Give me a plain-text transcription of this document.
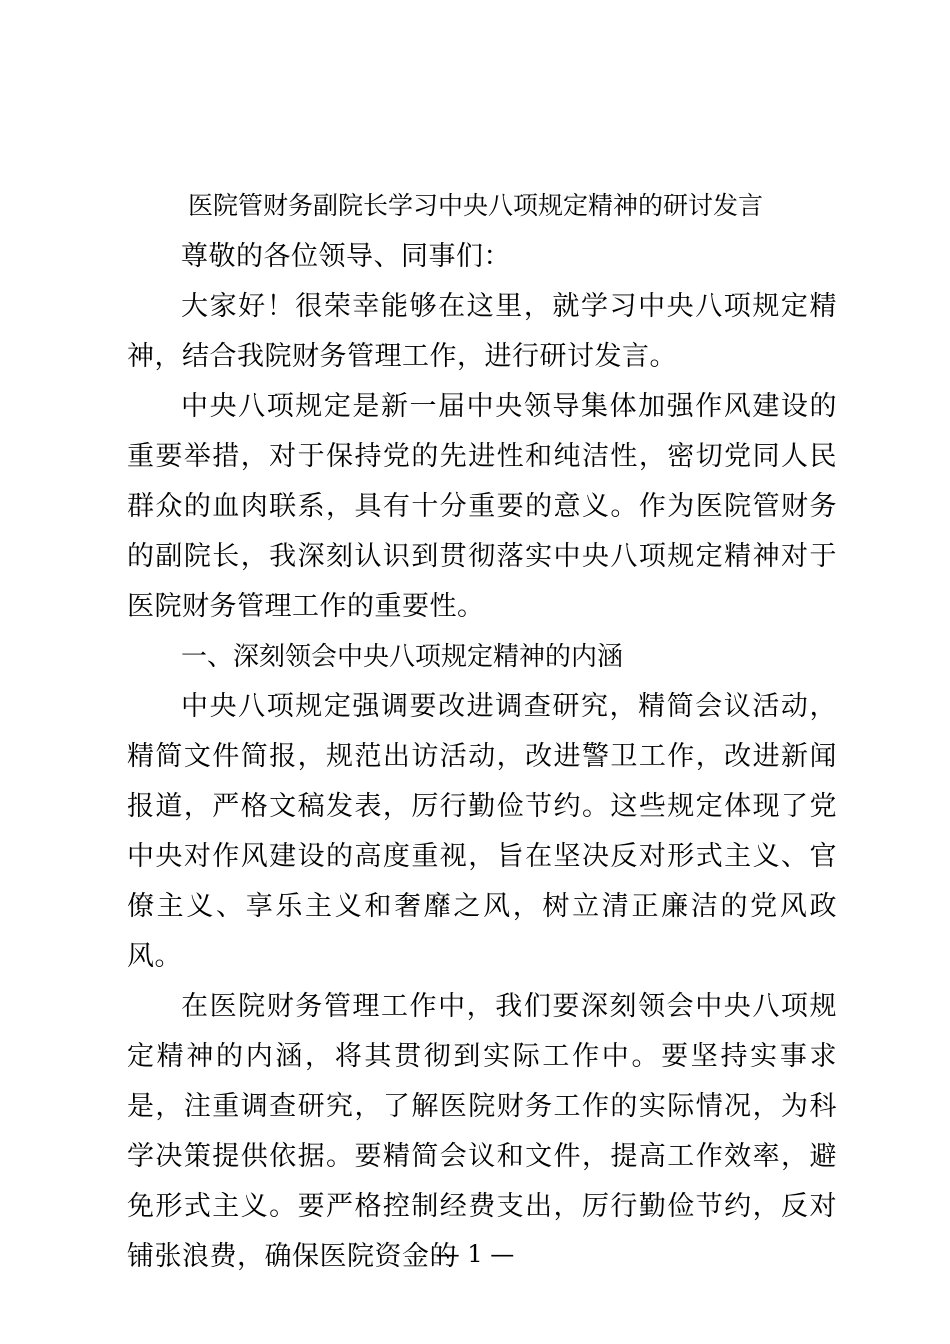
医院管财务副院长学习中央八项规定精神的研讨发言

尊敬的各位领导、同事们：

大家好！很荣幸能够在这里，就学习中央八项规定精神，结合我院财务管理工作，进行研讨发言。

中央八项规定是新一届中央领导集体加强作风建设的重要举措，对于保持党的先进性和纯洁性，密切党同人民群众的血肉联系，具有十分重要的意义。作为医院管财务的副院长，我深刻认识到贯彻落实中央八项规定精神对于医院财务管理工作的重要性。

一、深刻领会中央八项规定精神的内涵

中央八项规定强调要改进调查研究，精简会议活动，精简文件简报，规范出访活动，改进警卫工作，改进新闻报道，严格文稿发表，厉行勤俭节约。这些规定体现了党中央对作风建设的高度重视，旨在坚决反对形式主义、官僚主义、享乐主义和奢靡之风，树立清正廉洁的党风政风。

在医院财务管理工作中，我们要深刻领会中央八项规定精神的内涵，将其贯彻到实际工作中。要坚持实事求是，注重调查研究，了解医院财务工作的实际情况，为科学决策提供依据。要精简会议和文件，提高工作效率，避免形式主义。要严格控制经费支出，厉行勤俭节约，反对铺张浪费，确保医院资金的

— 1 —
